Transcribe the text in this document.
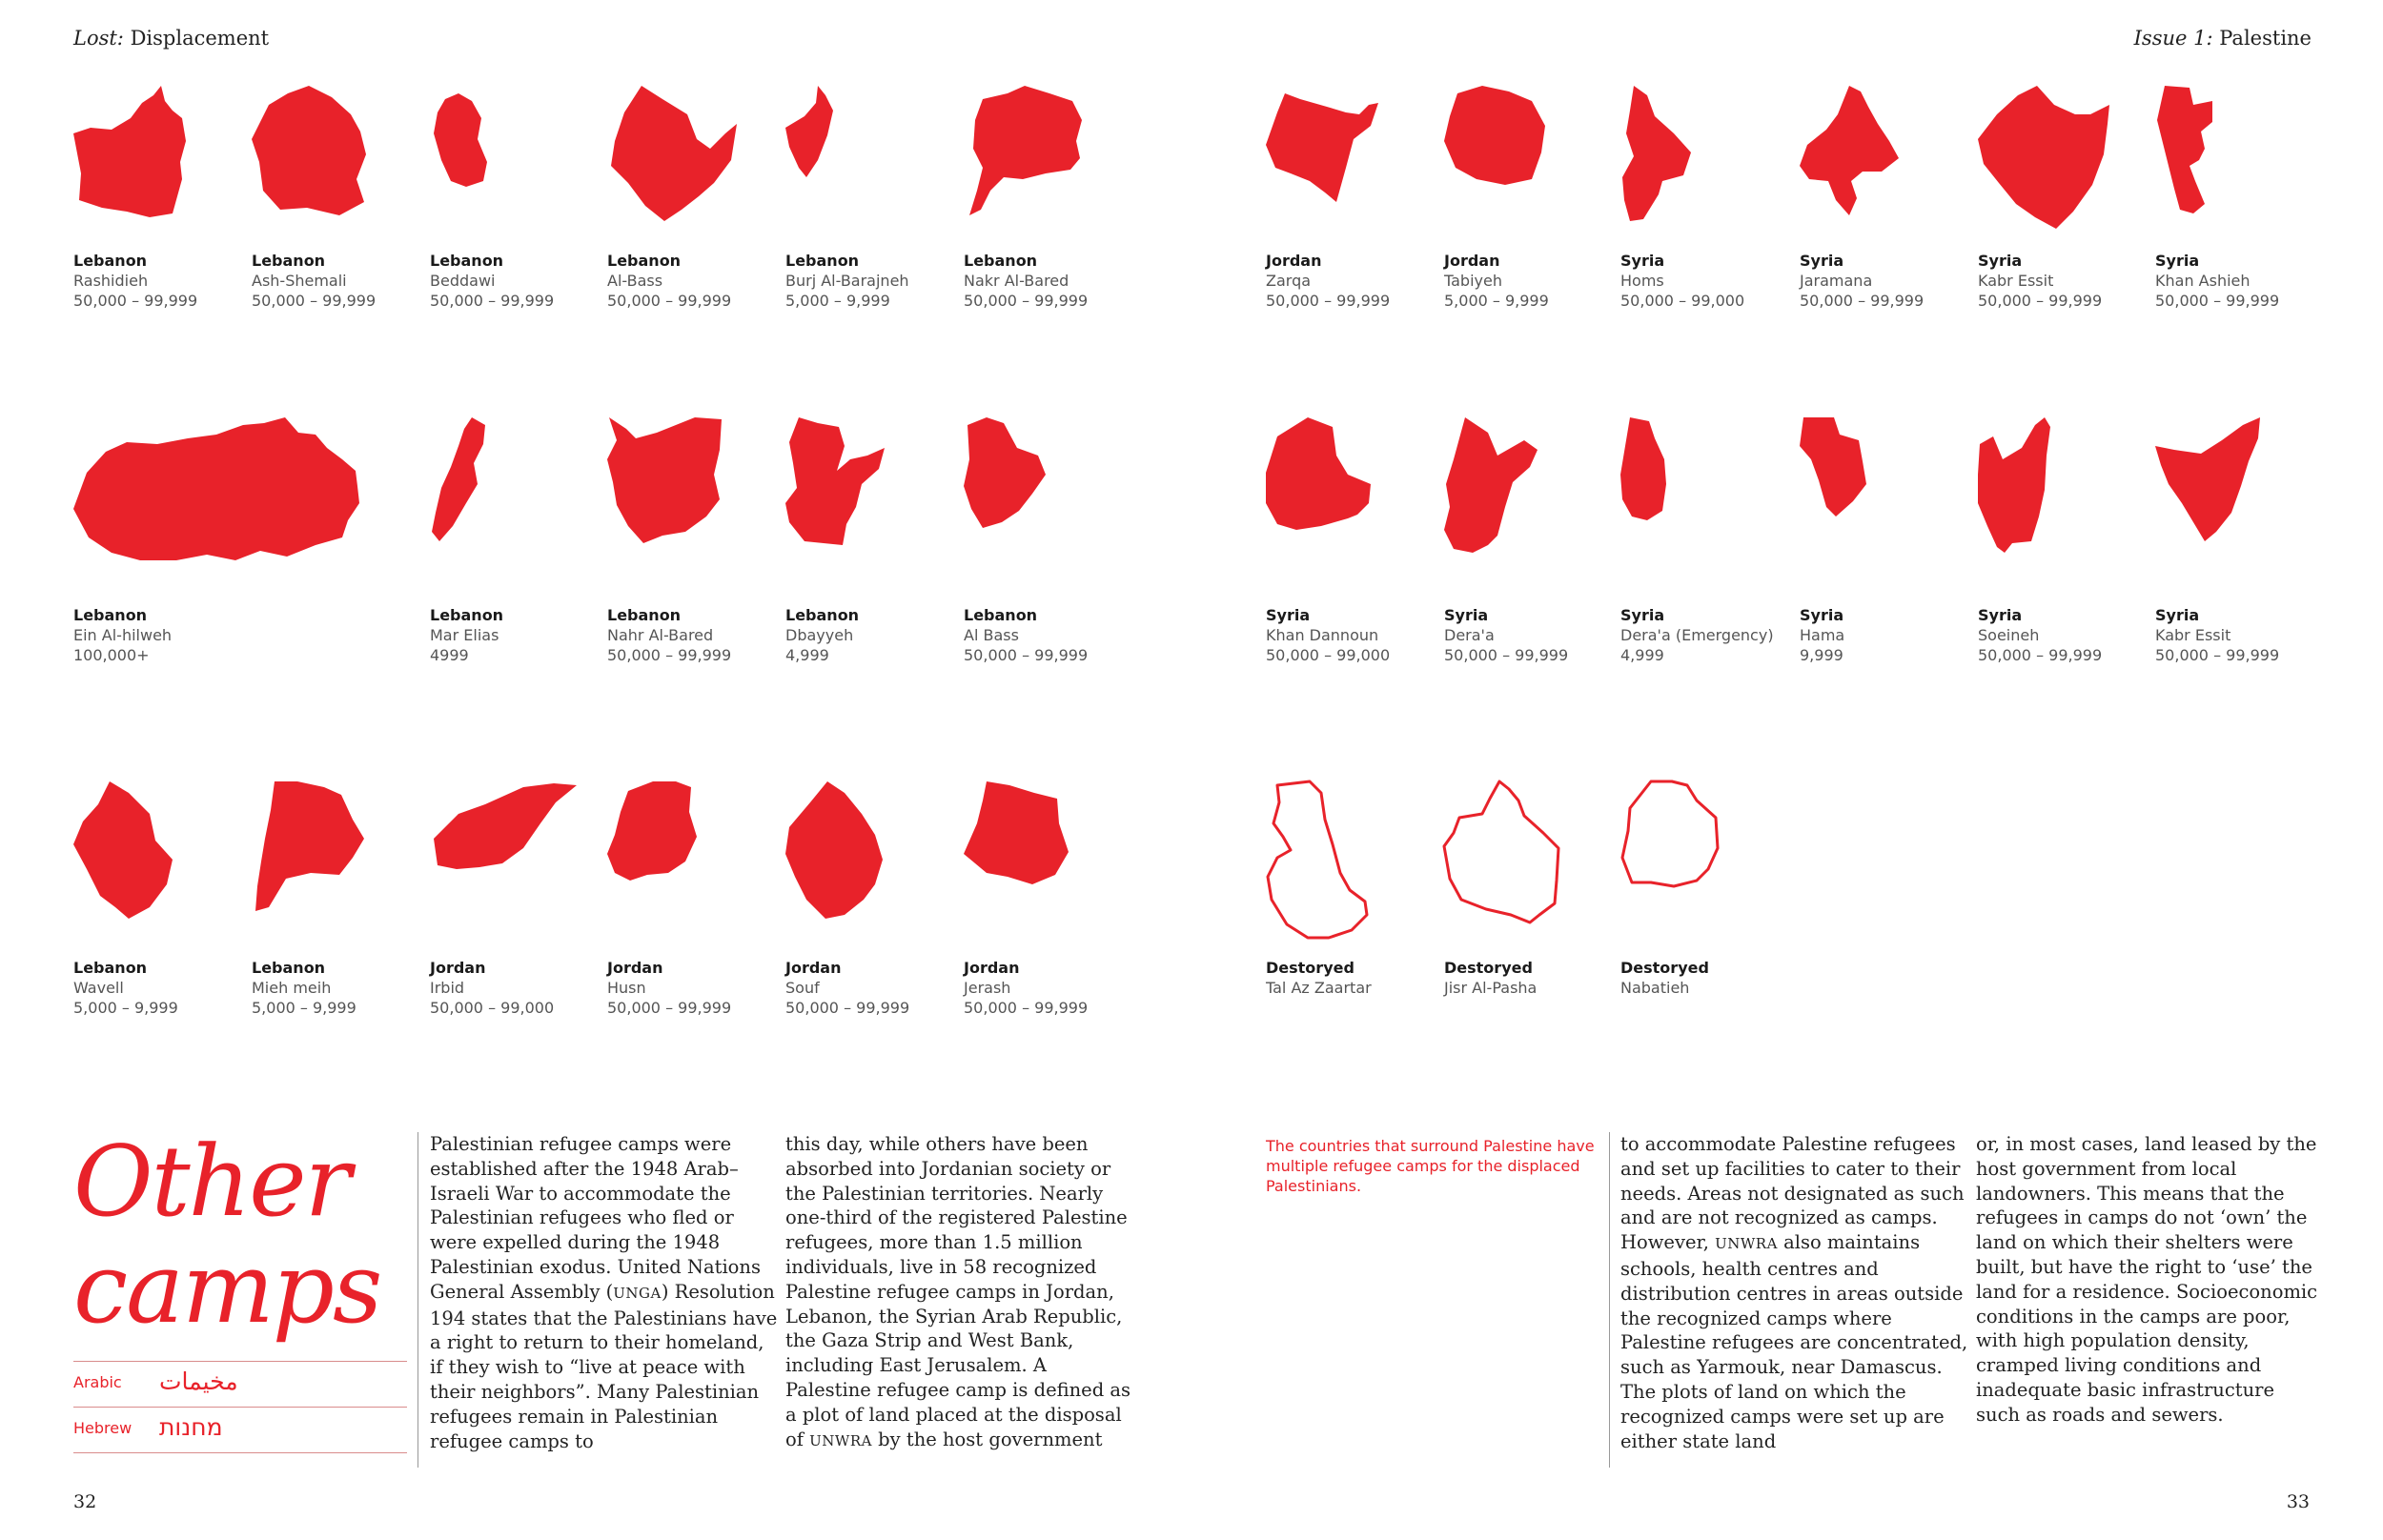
Lost: Displacement	Issue 1: Palestine
Lebanon
Rashidieh
50,000 – 99,999
Lebanon
Ash-Shemali
50,000 – 99,999
Lebanon
Beddawi
50,000 – 99,999
Lebanon
Al-Bass
50,000 – 99,999
Lebanon
Burj Al-Barajneh
5,000 – 9,999
Lebanon
Nakr Al-Bared
50,000 – 99,999
Jordan
Zarqa
50,000 – 99,999
Jordan
Tabiyeh
5,000 – 9,999
Syria
Homs
50,000 – 99,000
Syria
Jaramana
50,000 – 99,999
Syria
Kabr Essit
50,000 – 99,999
Syria
Khan Ashieh
50,000 – 99,999
Lebanon
Ein Al-hilweh
100,000+
Lebanon
Mar Elias
4999
Lebanon
Nahr Al-Bared
50,000 – 99,999
Lebanon
Dbayyeh
4,999
Lebanon
Al Bass
50,000 – 99,999
Syria
Khan Dannoun
50,000 – 99,000
Syria
Dera'a
50,000 – 99,999
Syria
Dera'a (Emergency)
4,999
Syria
Hama
9,999
Syria
Soeineh
50,000 – 99,999
Syria
Kabr Essit
50,000 – 99,999
Lebanon
Wavell
5,000 – 9,999
Lebanon
Mieh meih
5,000 – 9,999
Jordan
Irbid
50,000 – 99,000
Jordan
Husn
50,000 – 99,999
Jordan
Souf
50,000 – 99,999
Jordan
Jerash
50,000 – 99,999
Destoryed
Tal Az Zaartar
Destoryed
Jisr Al-Pasha
Destoryed
Nabatieh
Other
camps
Arabic مخيمات
Hebrew מחנות
Palestinian refugee camps were established after the 1948 Arab–Israeli War to accommodate the Palestinian refugees who fled or were expelled during the 1948 Palestinian exodus. United Nations General Assembly (UNGA) Resolution 194 states that the Palestinians have a right to return to their homeland, if they wish to “live at peace with their neighbors”. Many Palestinian refugees remain in Palestinian refugee camps to
this day, while others have been absorbed into Jordanian society or the Palestinian territories. Nearly one-third of the registered Palestine refugees, more than 1.5 million individuals, live in 58 recognized Palestine refugee camps in Jordan, Lebanon, the Syrian Arab Republic, the Gaza Strip and West Bank, including East Jerusalem. A Palestine refugee camp is defined as a plot of land placed at the disposal of UNWRA by the host government
The countries that surround Palestine have multiple refugee camps for the displaced Palestinians.
to accommodate Palestine refugees and set up facilities to cater to their needs. Areas not designated as such and are not recognized as camps. However, UNWRA also maintains schools, health centres and distribution centres in areas outside the recognized camps where Palestine refugees are concentrated, such as Yarmouk, near Damascus. The plots of land on which the recognized camps were set up are either state land
or, in most cases, land leased by the host government from local landowners. This means that the refugees in camps do not ‘own’ the land on which their shelters were built, but have the right to ‘use’ the land for a residence. Socioeconomic conditions in the camps are poor, with high population density, cramped living conditions and inadequate basic infrastructure such as roads and sewers.
32	33
